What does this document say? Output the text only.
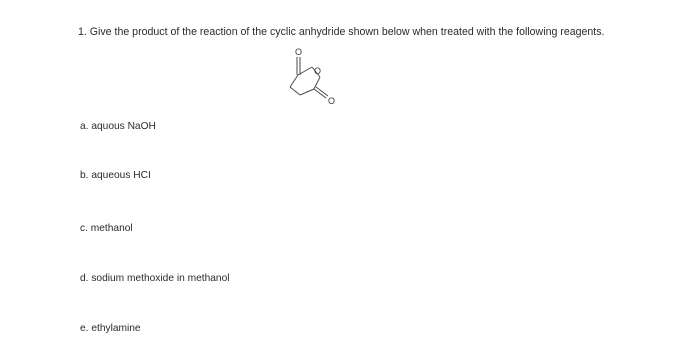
1. Give the product of the reaction of the cyclic anhydride shown below when treated with the following reagents.
O
O
O
a. aquous NaOH
b. aqueous HCI
c. methanol
d. sodium methoxide in methanol
e. ethylamine
